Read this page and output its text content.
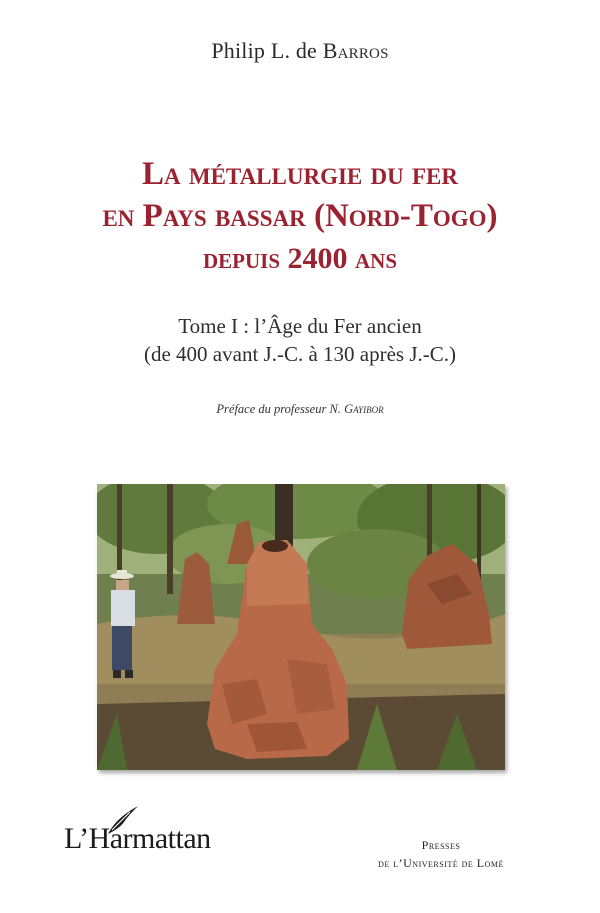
Philip L. de Barros
La métallurgie du fer
en Pays bassar (Nord-Togo)
depuis 2400 ans
Tome I : l’Âge du Fer ancien
(de 400 avant J.-C. à 130 après J.-C.)
Préface du professeur N. Gayibor
L’Harmattan	Presses
de l’Université de Lomé
